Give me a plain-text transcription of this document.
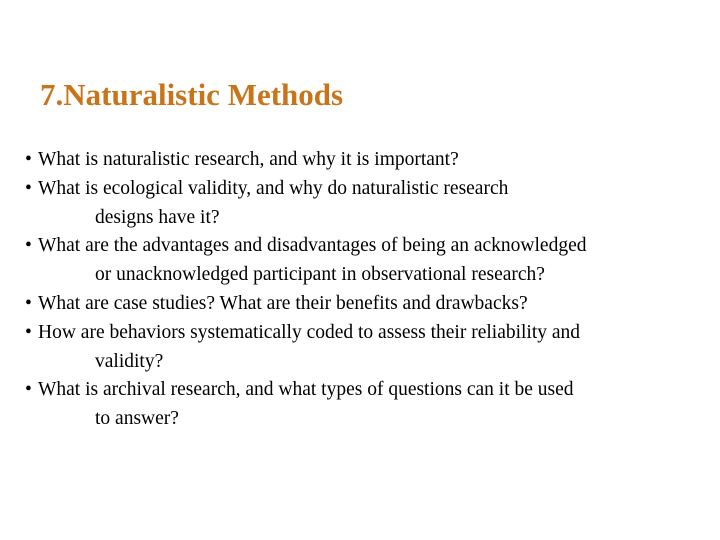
7.Naturalistic Methods
• What is naturalistic research, and why it is important?
• What is ecological validity, and why do naturalistic research
designs have it?
• What are the advantages and disadvantages of being an acknowledged
or unacknowledged participant in observational research?
• What are case studies? What are their benefits and drawbacks?
• How are behaviors systematically coded to assess their reliability and
validity?
• What is archival research, and what types of questions can it be used
to answer?
